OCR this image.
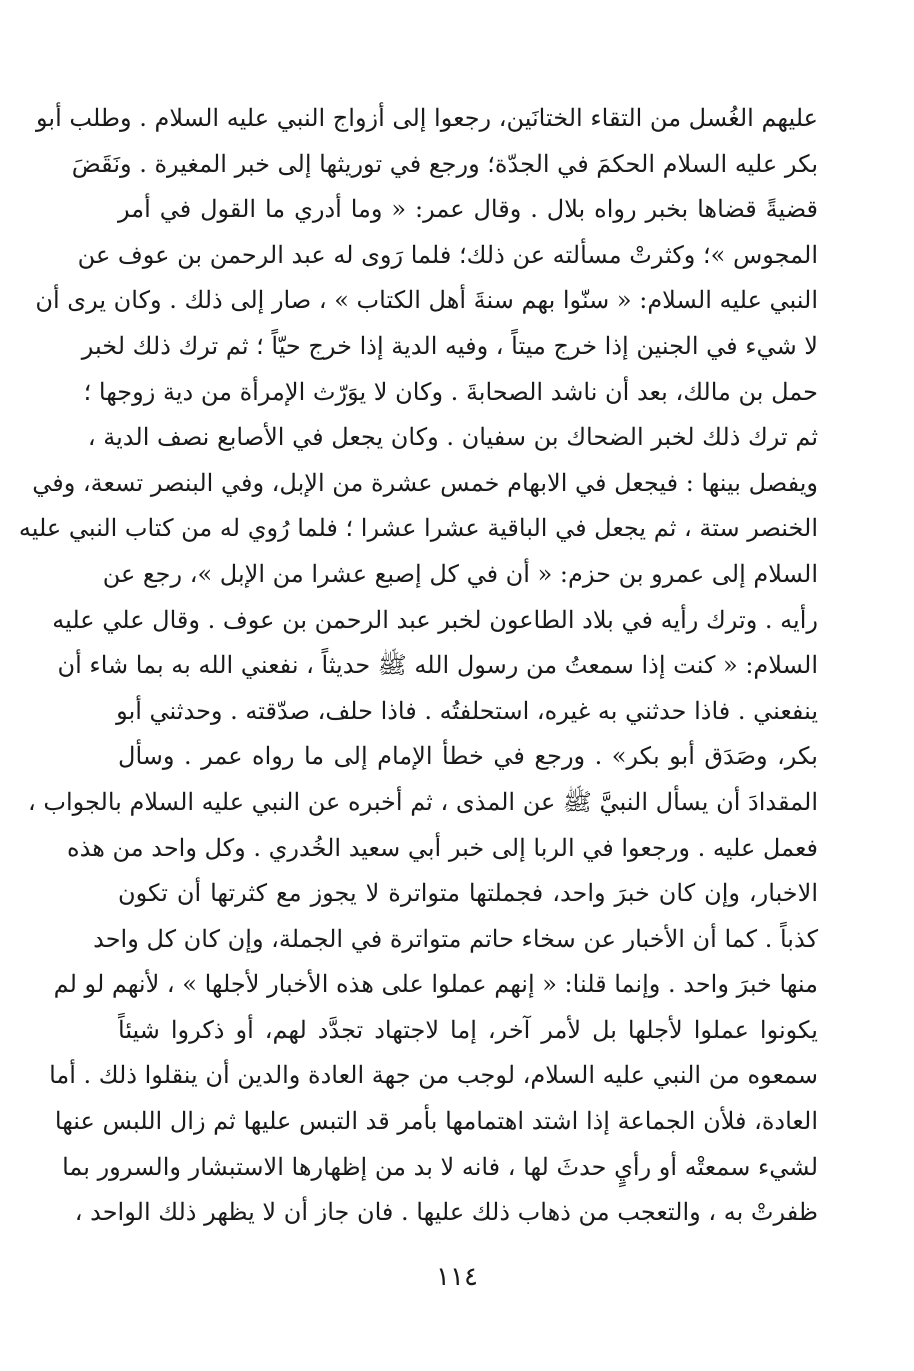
عليهم الغُسل من التقاء الختانَين، رجعوا إلى أزواج النبي عليه السلام . وطلب أبو
بكر عليه السلام الحكمَ في الجدّة؛ ورجع في توريثها إلى خبر المغيرة . ونَقَضَ
قضيةً قضاها بخبر رواه بلال . وقال عمر: « وما أدري ما القول في أمر
المجوس »؛ وكثرتْ مسألته عن ذلك؛ فلما رَوى له عبد الرحمن بن عوف عن
النبي عليه السلام: « سنّوا بهم سنةَ أهل الكتاب » ، صار إلى ذلك . وكان يرى أن
لا شيء في الجنين إذا خرج ميتاً ، وفيه الدية إذا خرج حيّاً ؛ ثم ترك ذلك لخبر
حمل بن مالك، بعد أن ناشد الصحابةَ . وكان لا يوَرّث الإمرأة من دية زوجها ؛
ثم ترك ذلك لخبر الضحاك بن سفيان . وكان يجعل في الأصابع نصف الدية ،
ويفصل بينها : فيجعل في الابهام خمس عشرة من الإبل، وفي البنصر تسعة، وفي
الخنصر ستة ، ثم يجعل في الباقية عشرا عشرا ؛ فلما رُوي له من كتاب النبي عليه
السلام إلى عمرو بن حزم: « أن في كل إصبع عشرا من الإبل »، رجع عن
رأيه . وترك رأيه في بلاد الطاعون لخبر عبد الرحمن بن عوف . وقال علي عليه
السلام: « كنت إذا سمعتُ من رسول الله ﷺ حديثاً ، نفعني الله به بما شاء أن
ينفعني . فاذا حدثني به غيره، استحلفتُه . فاذا حلف، صدّقته . وحدثني أبو
بكر، وصَدَق أبو بكر» . ورجع في خطأ الإمام إلى ما رواه عمر . وسأل
المقدادَ أن يسأل النبيَّ ﷺ عن المذى ، ثم أخبره عن النبي عليه السلام بالجواب ،
فعمل عليه . ورجعوا في الربا إلى خبر أبي سعيد الخُدري . وكل واحد من هذه
الاخبار، وإن كان خبرَ واحد، فجملتها متواترة لا يجوز مع كثرتها أن تكون
كذباً . كما أن الأخبار عن سخاء حاتم متواترة في الجملة، وإن كان كل واحد
منها خبرَ واحد . وإنما قلنا: « إنهم عملوا على هذه الأخبار لأجلها » ، لأنهم لو لم
يكونوا عملوا لأجلها بل لأمر آخر، إما لاجتهاد تجدَّد لهم، أو ذكروا شيئاً
سمعوه من النبي عليه السلام، لوجب من جهة العادة والدين أن ينقلوا ذلك . أما
العادة، فلأن الجماعة إذا اشتد اهتمامها بأمر قد التبس عليها ثم زال اللبس عنها
لشيء سمعتْه أو رأيٍ حدثَ لها ، فانه لا بد من إظهارها الاستبشار والسرور بما
ظفرتْ به ، والتعجب من ذهاب ذلك عليها . فان جاز أن لا يظهر ذلك الواحد ،
١١٤
